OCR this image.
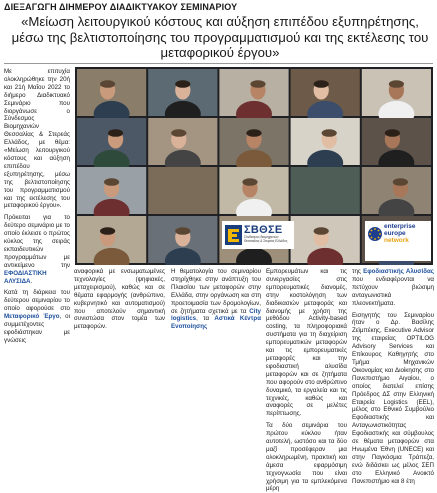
ΔΙΕΞΑΓΩΓΗ ΔΙΗΜΕΡΟΥ ΔΙΑΔΙΚΤΥΑΚΟΥ ΣΕΜΙΝΑΡΙΟΥ
«Μείωση λειτουργικού κόστους και αύξηση επιπέδου εξυπηρέτησης, μέσω της βελτιστοποίησης του προγραμματισμού και της εκτέλεσης του μεταφορικού έργου»

Με επιτυχία ολοκληρώθηκε την 20ή και 21ή Μαΐου 2022 το διήμερο Διαδικτυακό Σεμινάριο που διοργάνωσε ο Σύνδεσμος Βιομηχανιών Θεσσαλίας & Στερεάς Ελλάδος, με θέμα: «Μείωση λειτουργικού κόστους και αύξηση επιπέδου εξυπηρέτησης, μέσω της βελτιστοποίησης του προγραμματισμού και της εκτέλεσης του μεταφορικού έργου».

Πρόκειται για το δεύτερο σεμινάριο με το οποίο έκλεισε ο πρώτος κύκλος της σειράς εκπαιδευτικών προγραμμάτων με αντικείμενο την ΕΦΟΔΙΑΣΤΙΚΗ ΑΛΥΣΙΔΑ.

Κατά τη διάρκεια του δεύτερου σεμιναρίου το οποίο αφορούσε στο Μεταφορικό Έργο, οι συμμετέχοντες εφοδιάστηκαν με γνώσεις

ΣΒΘΣΕ
Σύνδεσμος Βιομηχανιών Θεσσαλίας & Στερεάς Ελλάδος
enterprise
europe
network

αναφορικά με ενσωματωμένες τεχνολογίες (ψηφιακές, μεταχειρισμού), καθώς και σε θέματα εφαρμογής (ανθρώπινο, κυβερνητικό και αυτοματισμού) που αποτελούν σημαντική συνιστώσα στον τομέα των μεταφορών.

Η θεματολογία του σεμιναρίου στηρίχθηκε στην ανάπτυξη του Πλαισίου των μεταφορών στην Ελλάδα, στην οργάνωση και στη προετοιμασία των δρομολογίων, σε ζητήματα σχετικά με τα City logistics, τα Αστικά Κέντρα Ενοποίησης

Εμπορευμάτων και τις συνεργασίες στις εμπορευματικές διανομές, στην κοστολόγηση των διαδικασιών μεταφοράς και διανομής με χρήση της μεθόδου Activity-based costing, τα πληροφοριακά συστήματα για τη διαχείριση εμπορευματικών μεταφορών και τις εμπορευματικές μεταφορές και την εφοδιαστική αλυσίδα μεταφορών και σε ζητήματα που αφορούν στο ανθρώπινο δυναμικό, τα εργαλεία και τις τεχνικές, καθώς και αναφορές σε μελέτες περίπτωσης.

Τα δύο σεμινάρια του πρώτου κύκλου ήταν αυτοτελή, ωστόσο και τα δύο μαζί προσέφεραν μια ολοκληρωμένη, πρακτική και άμεσα εφαρμόσιμη τεχνογνωσία που είναι χρήσιμη για τα εμπλεκόμενα μέρη

της Εφοδιαστικής Αλυσίδας που ενδιαφέρονται να πετύχουν βιώσιμη ανταγωνιστικά πλεονεκτήματα.

Εισηγητής του Σεμιναρίου ήταν ο Δρ. Βασίλης Ζεϊμπέκης, Executive Advisor της εταιρείας OPTILOG Advisory Services και Επίκουρος Καθηγητής στο Τμήμα Μηχανικών Οικονομίας και Διοίκησης στο Πανεπιστήμιο Αιγαίου, ο οποίος διατελεί επίσης Πρόεδρος ΔΣ στην Ελληνική Εταιρεία Logistics (EEL), μέλος στο Εθνικό Συμβούλιο Εφοδιαστικής και Ανταγωνιστικότητας Εφοδιαστικής και σύμβουλος σε θέματα μεταφορών στα Ηνωμένα Έθνη (UNECE) και στην Παγκόσμια Τράπεζα, ενώ διδάσκει ως μέλος ΣΕΠ στο Ελληνικό Ανοικτό Πανεπιστήμιο και 8 έτη
